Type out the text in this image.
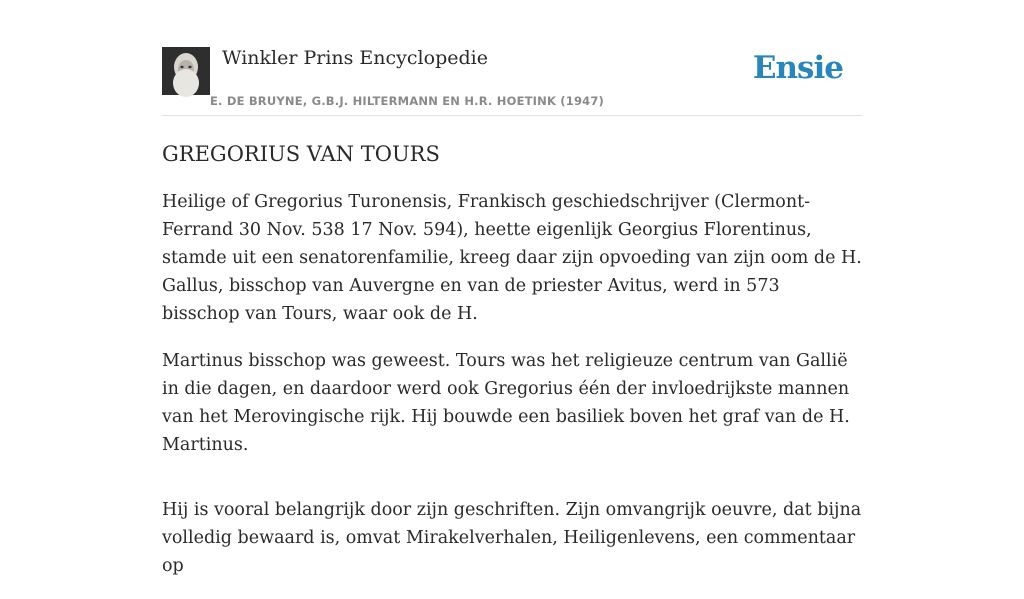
Winkler Prins Encyclopedie
E. DE BRUYNE, G.B.J. HILTERMANN EN H.R. HOETINK (1947)
Ensie
GREGORIUS VAN TOURS

Heilige of Gregorius Turonensis, Frankisch geschiedschrijver (Clermont-Ferrand 30 Nov. 538 17 Nov. 594), heette eigenlijk Georgius Florentinus, stamde uit een senatorenfamilie, kreeg daar zijn opvoeding van zijn oom de H. Gallus, bisschop van Auvergne en van de priester Avitus, werd in 573 bisschop van Tours, waar ook de H.

Martinus bisschop was geweest. Tours was het religieuze centrum van Gallië in die dagen, en daardoor werd ook Gregorius één der invloedrijkste mannen van het Merovingische rijk. Hij bouwde een basiliek boven het graf van de H. Martinus.

Hij is vooral belangrijk door zijn geschriften. Zijn omvangrijk oeuvre, dat bijna volledig bewaard is, omvat Mirakelverhalen, Heiligenlevens, een commentaar op
